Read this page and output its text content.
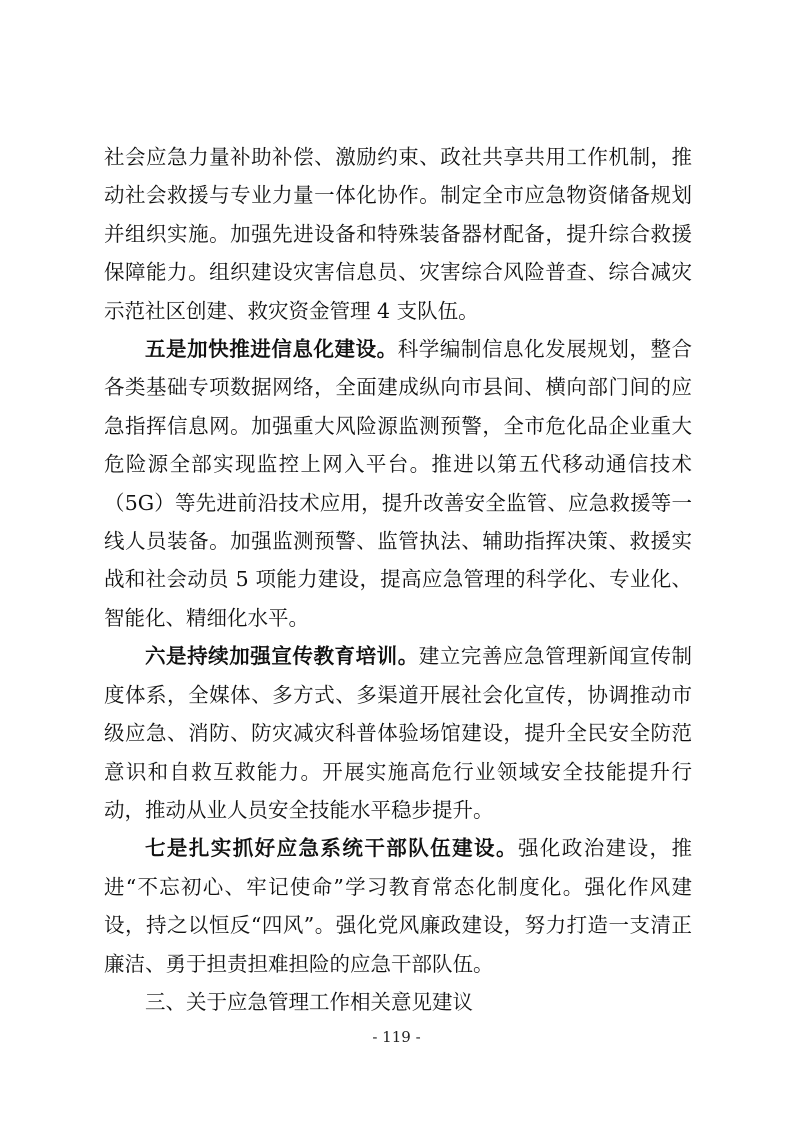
社会应急力量补助补偿、激励约束、政社共享共用工作机制，推动社会救援与专业力量一体化协作。制定全市应急物资储备规划并组织实施。加强先进设备和特殊装备器材配备，提升综合救援保障能力。组织建设灾害信息员、灾害综合风险普查、综合减灾示范社区创建、救灾资金管理 4 支队伍。

五是加快推进信息化建设。科学编制信息化发展规划，整合各类基础专项数据网络，全面建成纵向市县间、横向部门间的应急指挥信息网。加强重大风险源监测预警，全市危化品企业重大危险源全部实现监控上网入平台。推进以第五代移动通信技术（5G）等先进前沿技术应用，提升改善安全监管、应急救援等一线人员装备。加强监测预警、监管执法、辅助指挥决策、救援实战和社会动员 5 项能力建设，提高应急管理的科学化、专业化、智能化、精细化水平。

六是持续加强宣传教育培训。建立完善应急管理新闻宣传制度体系，全媒体、多方式、多渠道开展社会化宣传，协调推动市级应急、消防、防灾减灾科普体验场馆建设，提升全民安全防范意识和自救互救能力。开展实施高危行业领域安全技能提升行动，推动从业人员安全技能水平稳步提升。

七是扎实抓好应急系统干部队伍建设。强化政治建设，推进“不忘初心、牢记使命”学习教育常态化制度化。强化作风建设，持之以恒反“四风”。强化党风廉政建设，努力打造一支清正廉洁、勇于担责担难担险的应急干部队伍。

三、关于应急管理工作相关意见建议

- 119 -
